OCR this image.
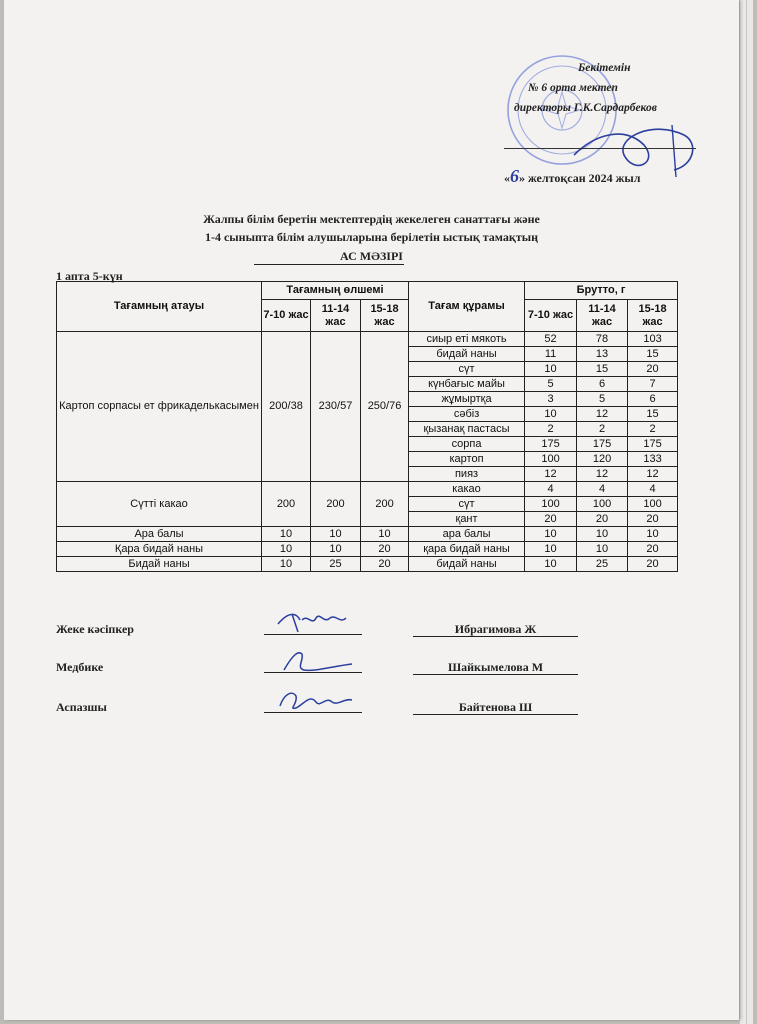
Бекітемін
№ 6 орта мектеп
директоры Г.К.Сардарбеков
«6» желтоқсан 2024 жыл
Жалпы білім беретін мектептердің жекелеген санаттағы және
1-4 сыныпта білім алушыларына берілетін ыстық тамақтың
АС МӘЗІРІ
1 апта 5-күн
Тағамның атауы	Тағамның өлшемі			Тағам құрамы	Брутто, г		
	7-10 жас	11-14 жас	15-18 жас		7-10 жас	11-14 жас	15-18 жас
Картоп сорпасы ет фрикаделькасымен	200/38	230/57	250/76	сиыр еті мякоть	52	78	103
				бидай наны	11	13	15
				сүт	10	15	20
				күнбағыс майы	5	6	7
				жұмыртқа	3	5	6
				сәбіз	10	12	15
				қызанақ пастасы	2	2	2
				сорпа	175	175	175
				картоп	100	120	133
				пияз	12	12	12
Сүтті какао	200	200	200	какао	4	4	4
				сүт	100	100	100
				қант	20	20	20
Ара балы	10	10	10	ара балы	10	10	10
Қара бидай наны	10	10	20	қара бидай наны	10	10	20
Бидай наны	10	25	20	бидай наны	10	25	20
Жеке кәсіпкер	Ибрагимова Ж
Медбике	Шайкымелова М
Аспазшы	Байтенова Ш
